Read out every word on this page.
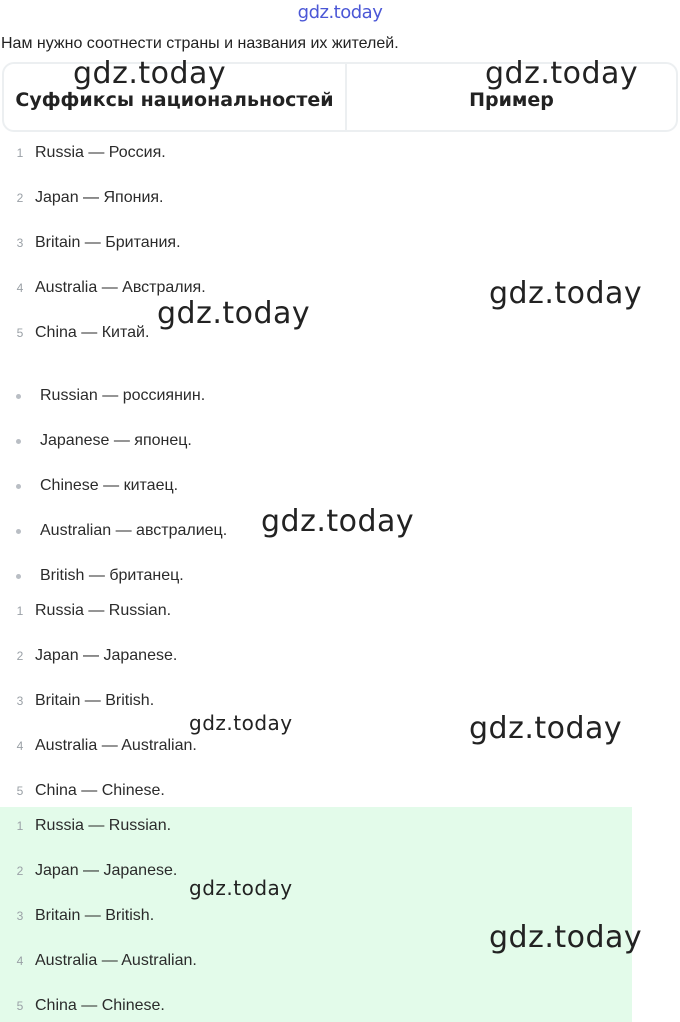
gdz.today
Нам нужно соотнести страны и названия их жителей.
Суффиксы национальностей	Пример
1 Russia — Россия.
2 Japan — Япония.
3 Britain — Британия.
4 Australia — Австралия.
5 China — Китай.
Russian — россиянин.
Japanese — японец.
Chinese — китаец.
Australian — австралиец.
British — британец.
1 Russia — Russian.
2 Japan — Japanese.
3 Britain — British.
4 Australia — Australian.
5 China — Chinese.
1 Russia — Russian.
2 Japan — Japanese.
3 Britain — British.
4 Australia — Australian.
5 China — Chinese.
gdz.today	gdz.today
gdz.today
gdz.today
gdz.today
gdz.today	gdz.today
gdz.today
gdz.today
